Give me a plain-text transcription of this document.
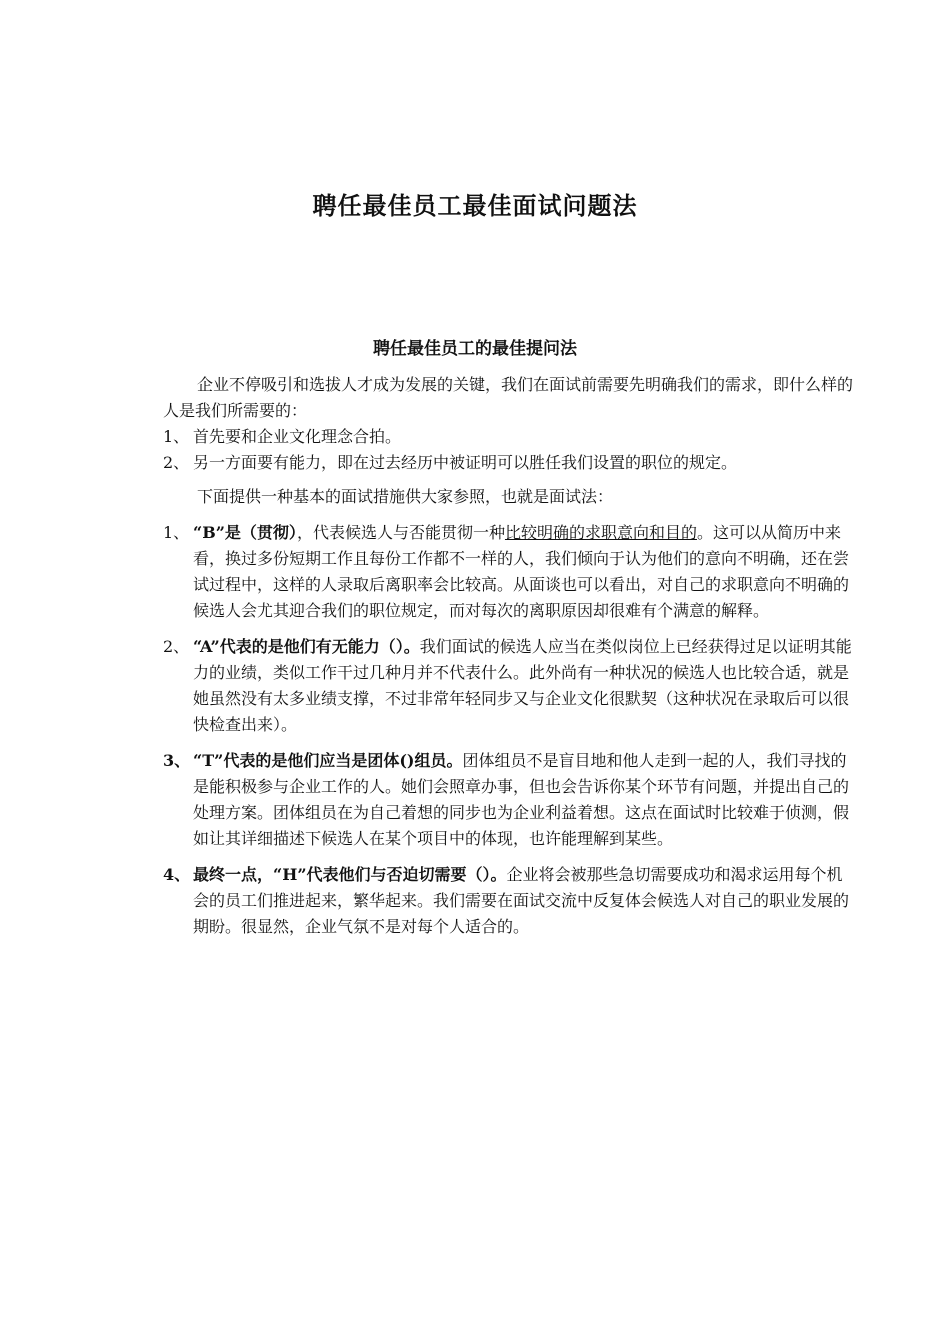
聘任最佳员工最佳面试问题法
聘任最佳员工的最佳提问法

企业不停吸引和选拔人才成为发展的关键，我们在面试前需要先明确我们的需求，即什么样的人是我们所需要的：

1、 首先要和企业文化理念合拍。
2、 另一方面要有能力，即在过去经历中被证明可以胜任我们设置的职位的规定。

下面提供一种基本的面试措施供大家参照，也就是面试法：

1、 “B”是（贯彻），代表候选人与否能贯彻一种比较明确的求职意向和目的。这可以从简历中来看，换过多份短期工作且每份工作都不一样的人，我们倾向于认为他们的意向不明确，还在尝试过程中，这样的人录取后离职率会比较高。从面谈也可以看出，对自己的求职意向不明确的候选人会尤其迎合我们的职位规定，而对每次的离职原因却很难有个满意的解释。
2、 “A”代表的是他们有无能力（）。我们面试的候选人应当在类似岗位上已经获得过足以证明其能力的业绩，类似工作干过几种月并不代表什么。此外尚有一种状况的候选人也比较合适，就是她虽然没有太多业绩支撑，不过非常年轻同步又与企业文化很默契（这种状况在录取后可以很快检查出来）。
3、 “T”代表的是他们应当是团体()组员。团体组员不是盲目地和他人走到一起的人，我们寻找的是能积极参与企业工作的人。她们会照章办事，但也会告诉你某个环节有问题，并提出自己的处理方案。团体组员在为自己着想的同步也为企业利益着想。这点在面试时比较难于侦测，假如让其详细描述下候选人在某个项目中的体现，也许能理解到某些。
4、 最终一点，“H”代表他们与否迫切需要（）。企业将会被那些急切需要成功和渴求运用每个机会的员工们推进起来，繁华起来。我们需要在面试交流中反复体会候选人对自己的职业发展的期盼。很显然，企业气氛不是对每个人适合的。
